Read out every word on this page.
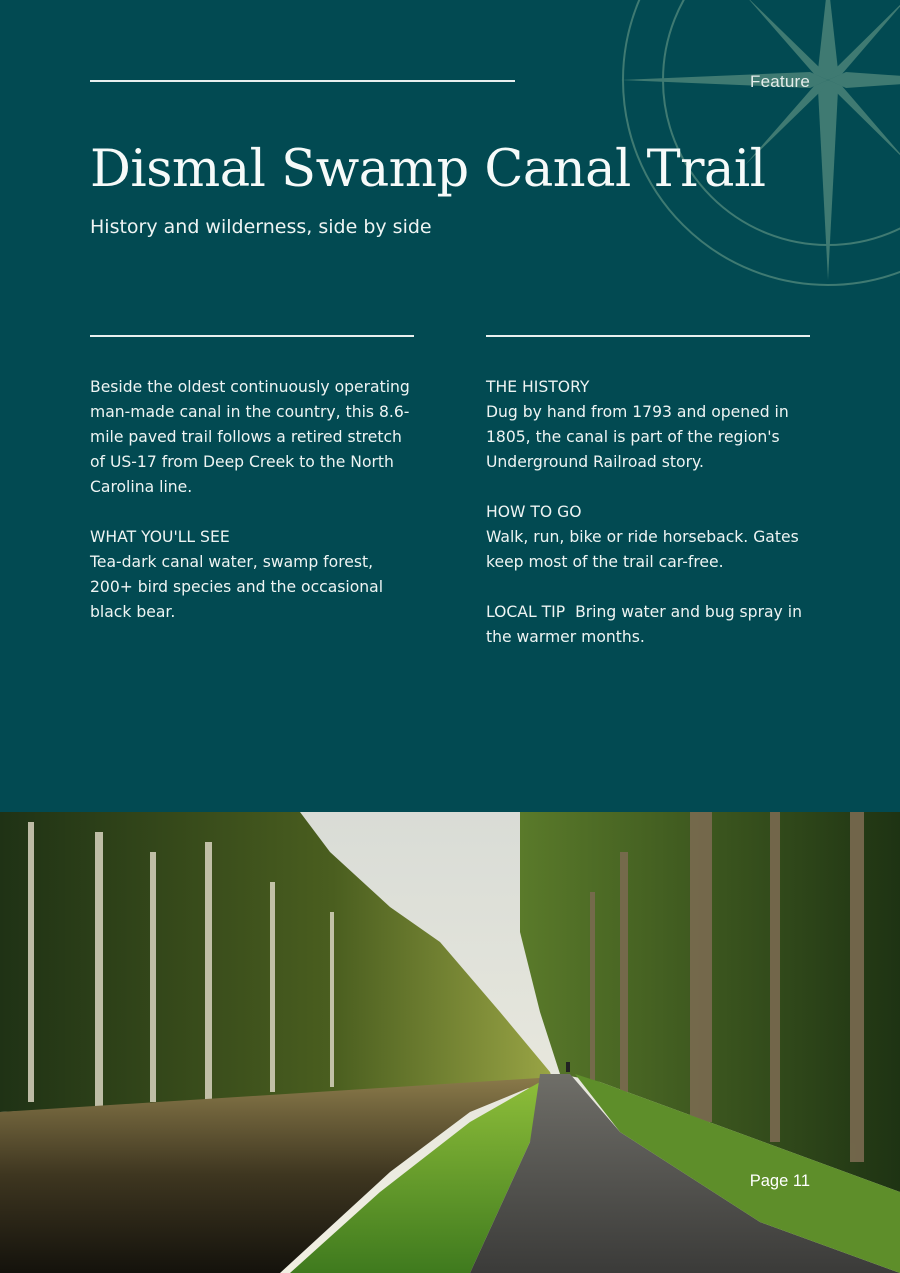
Feature
Dismal Swamp Canal Trail
History and wilderness, side by side

Beside the oldest continuously operating man-made canal in the country, this 8.6-mile paved trail follows a retired stretch of US-17 from Deep Creek to the North Carolina line.

WHAT YOU'LL SEE
Tea-dark canal water, swamp forest, 200+ bird species and the occasional black bear.

THE HISTORY
Dug by hand from 1793 and opened in 1805, the canal is part of the region's Underground Railroad story.

HOW TO GO
Walk, run, bike or ride horseback. Gates keep most of the trail car-free.

LOCAL TIP Bring water and bug spray in the warmer months.

Page 11
